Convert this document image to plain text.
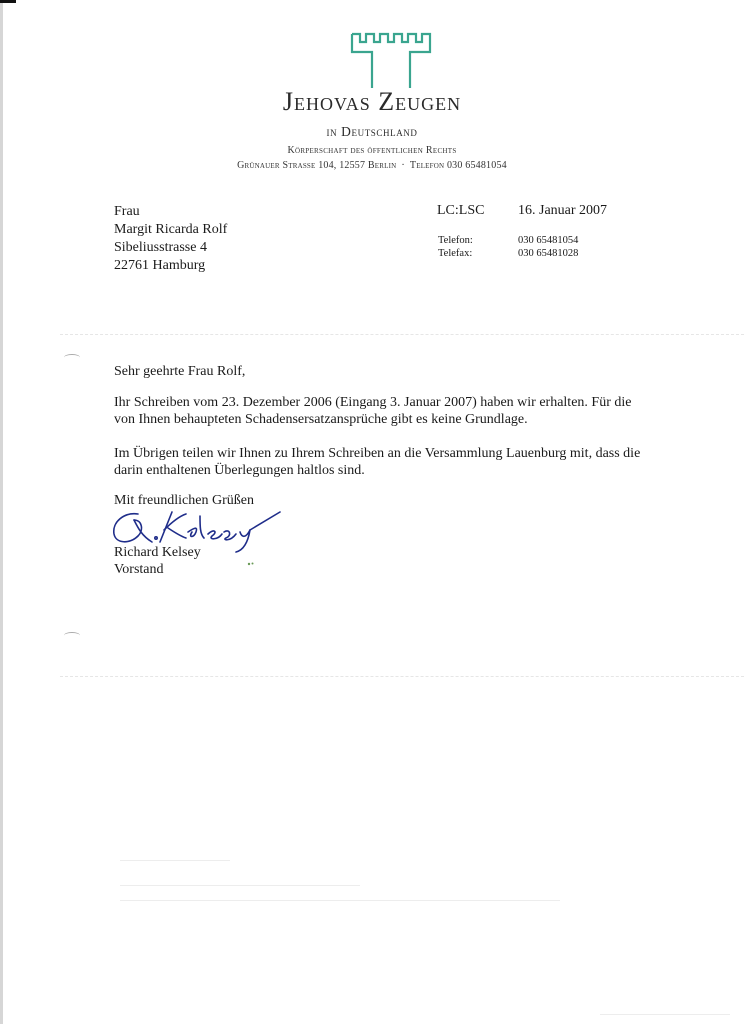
Jehovas Zeugen
in Deutschland
Körperschaft des öffentlichen Rechts
Grünauer Strasse 104, 12557 Berlin · Telefon 030 65481054
Frau
Margit Ricarda Rolf
Sibeliusstrasse 4
22761 Hamburg
LC:LSC 16. Januar 2007
Telefon:	030 65481054
Telefax:	030 65481028
Sehr geehrte Frau Rolf,
Ihr Schreiben vom 23. Dezember 2006 (Eingang 3. Januar 2007) haben wir erhalten. Für die
von Ihnen behaupteten Schadensersatzansprüche gibt es keine Grundlage.
Im Übrigen teilen wir Ihnen zu Ihrem Schreiben an die Versammlung Lauenburg mit, dass die
darin enthaltenen Überlegungen haltlos sind.
Mit freundlichen Grüßen
Richard Kelsey
Vorstand
